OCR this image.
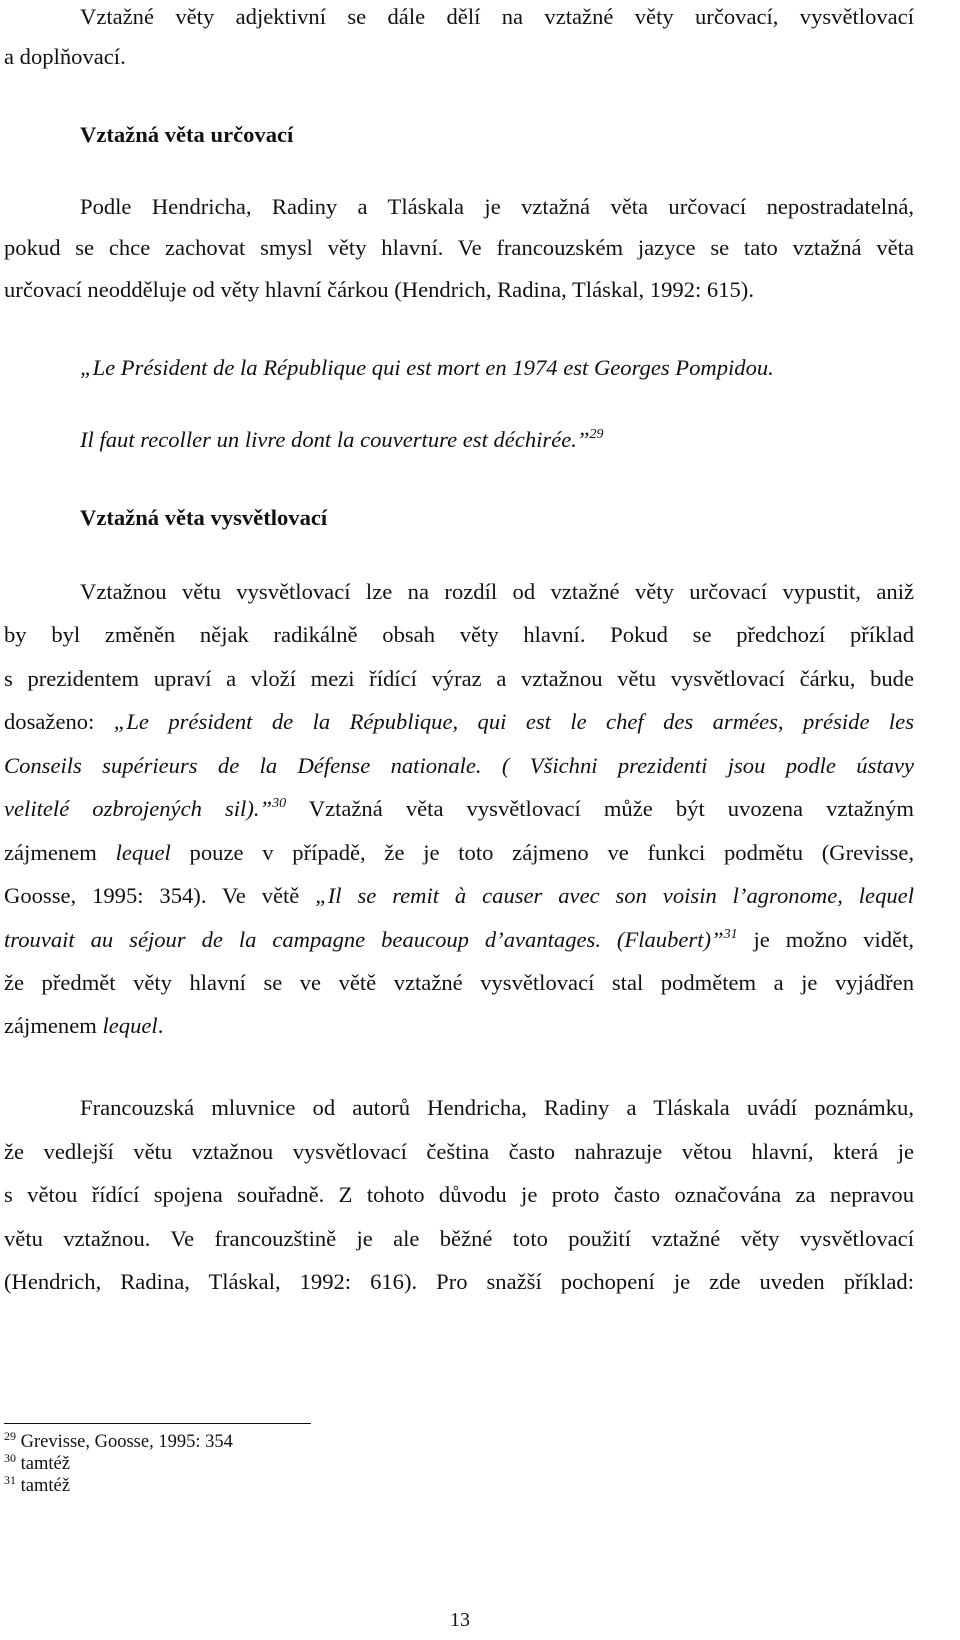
Vztažné věty adjektivní se dále dělí na vztažné věty určovací, vysvětlovací
a doplňovací.
Vztažná věta určovací
Podle Hendricha, Radiny a Tláskala je vztažná věta určovací nepostradatelná,
pokud se chce zachovat smysl věty hlavní. Ve francouzském jazyce se tato vztažná věta
určovací neodděluje od věty hlavní čárkou (Hendrich, Radina, Tláskal, 1992: 615).
„Le Président de la République qui est mort en 1974 est Georges Pompidou.
Il faut recoller un livre dont la couverture est déchirée.”$^{29}$
Vztažná věta vysvětlovací
Vztažnou větu vysvětlovací lze na rozdíl od vztažné věty určovací vypustit, aniž
by byl změněn nějak radikálně obsah věty hlavní. Pokud se předchozí příklad
s prezidentem upraví a vloží mezi řídící výraz a vztažnou větu vysvětlovací čárku, bude
dosaženo: „Le président de la République, qui est le chef des armées, préside les
Conseils supérieurs de la Défense nationale. ( Všichni prezidenti jsou podle ústavy
velitelé ozbrojených sil).”$^{30}$ Vztažná věta vysvětlovací může být uvozena vztažným
zájmenem lequel pouze v případě, že je toto zájmeno ve funkci podmětu (Grevisse,
Goosse, 1995: 354). Ve větě „Il se remit à causer avec son voisin l’agronome, lequel
trouvait au séjour de la campagne beaucoup d’avantages. (Flaubert)”$^{31}$ je možno vidět,
že předmět věty hlavní se ve větě vztažné vysvětlovací stal podmětem a je vyjádřen
zájmenem lequel.
Francouzská mluvnice od autorů Hendricha, Radiny a Tláskala uvádí poznámku,
že vedlejší větu vztažnou vysvětlovací čeština často nahrazuje větou hlavní, která je
s větou řídící spojena souřadně. Z tohoto důvodu je proto často označována za nepravou
větu vztažnou. Ve francouzštině je ale běžné toto použití vztažné věty vysvětlovací
(Hendrich, Radina, Tláskal, 1992: 616). Pro snažší pochopení je zde uveden příklad:
$^{29}$ Grevisse, Goosse, 1995: 354
$^{30}$ tamtéž
$^{31}$ tamtéž
13
